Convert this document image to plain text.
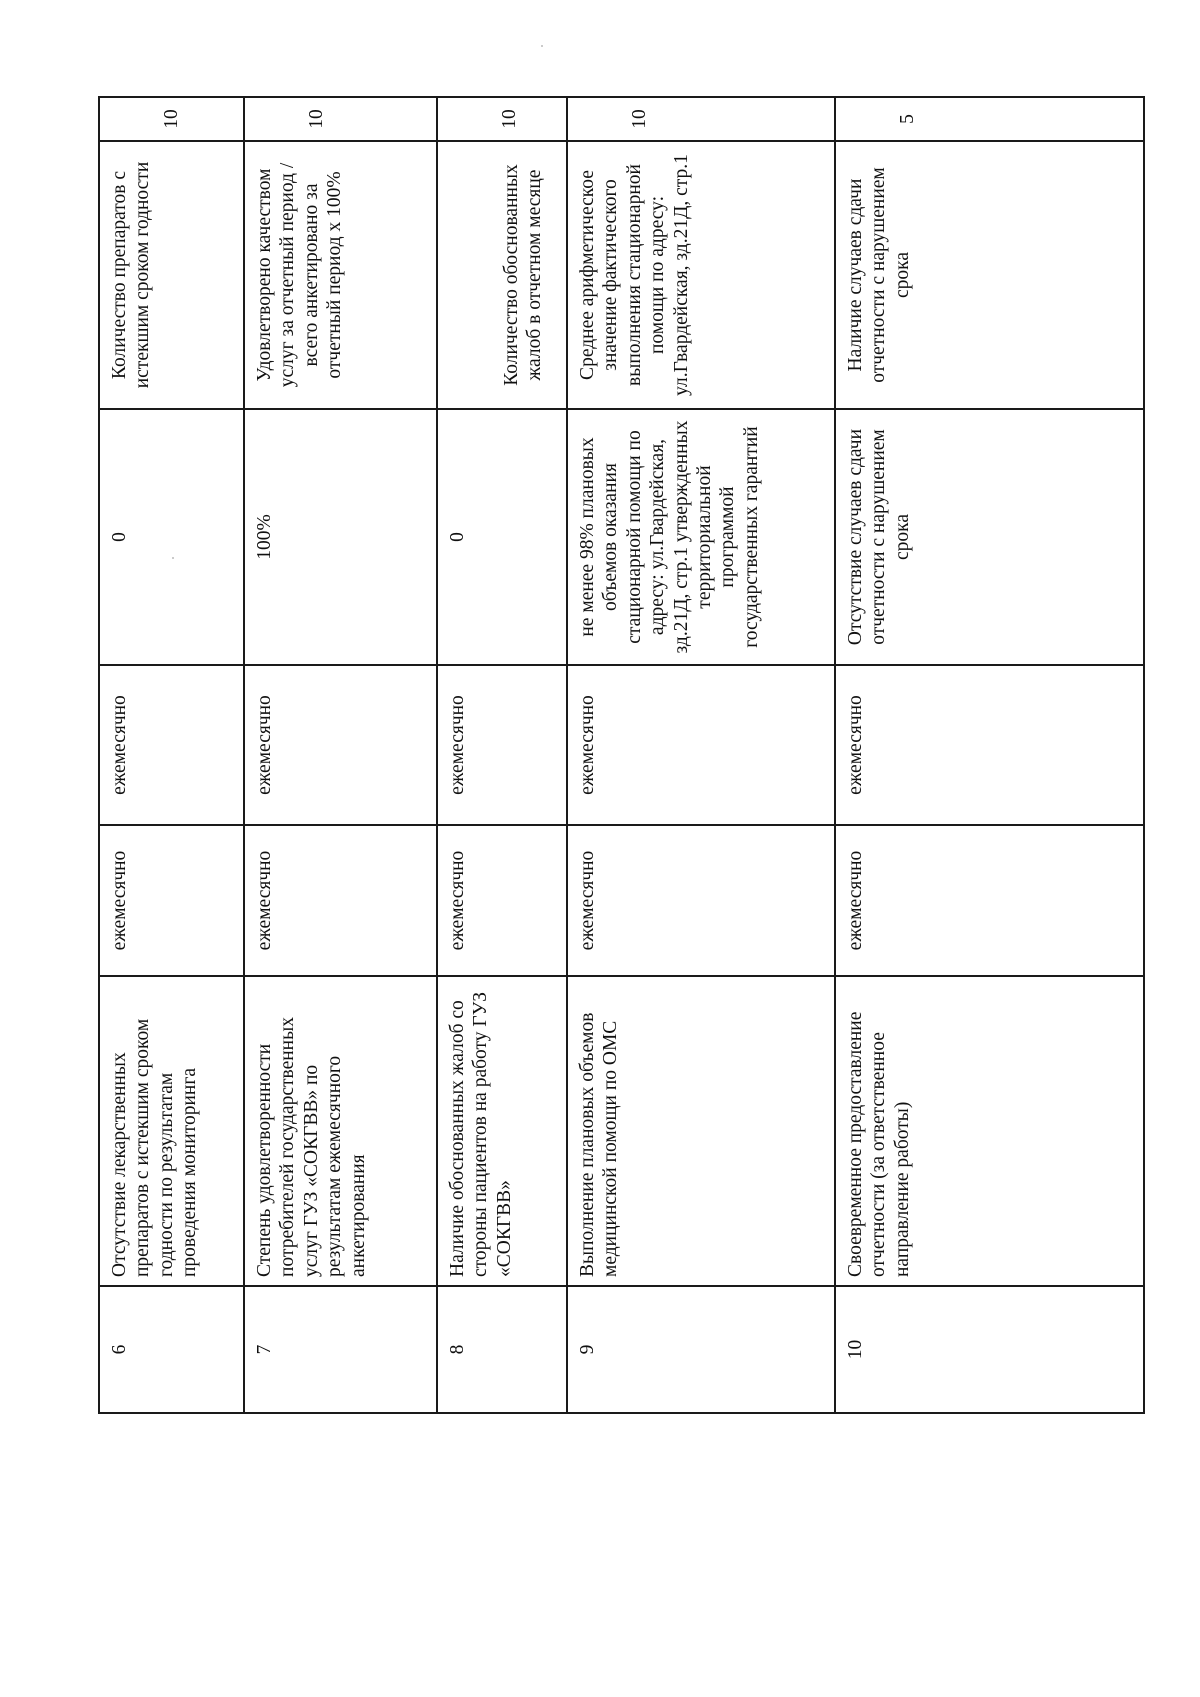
6	Отсутствие лекарственных препаратов с истекшим сроком годности по результатам проведения мониторинга	ежемесячно	ежемесячно	0	Количество препаратов с истекшим сроком годности	10
7	Степень удовлетворенности потребителей государственных услуг ГУЗ «СОКГВВ» по результатам ежемесячного анкетирования	ежемесячно	ежемесячно	100%	Удовлетворено качеством услуг за отчетный период / всего анкетировано за отчетный период х 100%	10
8	Наличие обоснованных жалоб со стороны пациентов на работу ГУЗ «СОКГВВ»	ежемесячно	ежемесячно	0	Количество обоснованных жалоб в отчетном месяце	10
9	Выполнение плановых объемов медицинской помощи по ОМС	ежемесячно	ежемесячно	не менее 98% плановых объемов оказания стационарной помощи по адресу: ул.Гвардейская, зд.21Д, стр.1 утвержденных территориальной программой государственных гарантий	Среднее арифметическое значение фактического выполнения стационарной помощи по адресу: ул.Гвардейская, зд.21Д, стр.1	10
10	Своевременное предоставление отчетности (за ответственное направление работы)	ежемесячно	ежемесячно	Отсутствие случаев сдачи отчетности с нарушением срока	Наличие случаев сдачи отчетности с нарушением срока	5
